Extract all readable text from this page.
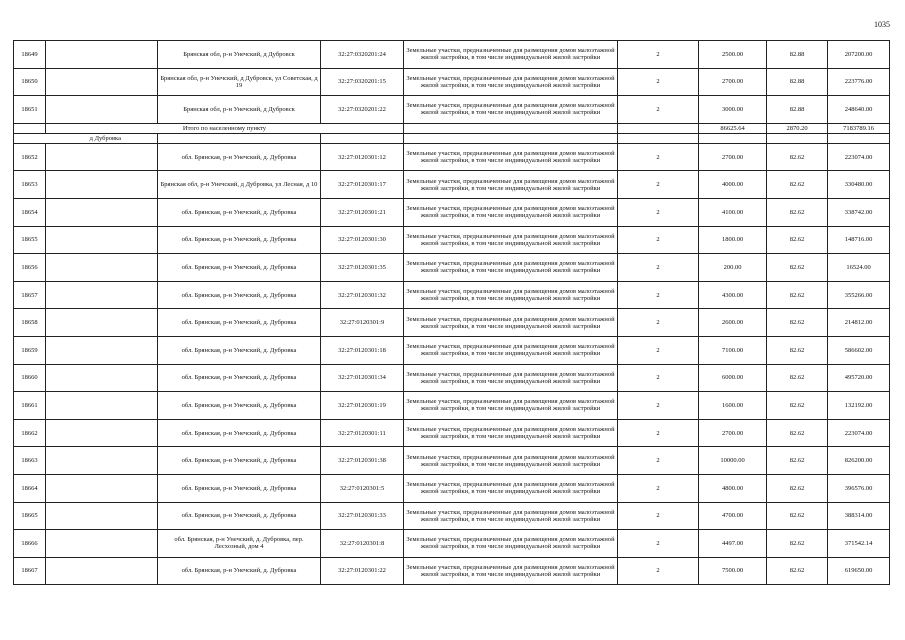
1035
18649		Брянская обл, р-н Унечский, д Дубровск	32:27:0320201:24	Земельные участки, предназначенные для размещения домов малоэтажной жилой застройки, в том числе индивидуальной жилой застройки	2	2500.00	82.88	207200.00
18650		Брянская обл, р-н Унечский, д Дубровск, ул Советская, д 19	32:27:0320201:15	Земельные участки, предназначенные для размещения домов малоэтажной жилой застройки, в том числе индивидуальной жилой застройки	2	2700.00	82.88	223776.00
18651		Брянская обл, р-н Унечский, д Дубровск	32:27:0320201:22	Земельные участки, предназначенные для размещения домов малоэтажной жилой застройки, в том числе индивидуальной жилой застройки	2	3000.00	82.88	248640.00
	Итого по населенному пункту					86625.64	2870.20	7183789.16
д Дубровка								
18652		обл. Брянская, р-н Унечский, д. Дубровка	32:27:0120301:12	Земельные участки, предназначенные для размещения домов малоэтажной жилой застройки, в том числе индивидуальной жилой застройки	2	2700.00	82.62	223074.00
18653		Брянская обл, р-н Унечский, д Дубровка, ул Лесная, д 10	32:27:0120301:17	Земельные участки, предназначенные для размещения домов малоэтажной жилой застройки, в том числе индивидуальной жилой застройки	2	4000.00	82.62	330480.00
18654		обл. Брянская, р-н Унечский, д. Дубровка	32:27:0120301:21	Земельные участки, предназначенные для размещения домов малоэтажной жилой застройки, в том числе индивидуальной жилой застройки	2	4100.00	82.62	338742.00
18655		обл. Брянская, р-н Унечский, д. Дубровка	32:27:0120301:30	Земельные участки, предназначенные для размещения домов малоэтажной жилой застройки, в том числе индивидуальной жилой застройки	2	1800.00	82.62	148716.00
18656		обл. Брянская, р-н Унечский, д. Дубровка	32:27:0120301:35	Земельные участки, предназначенные для размещения домов малоэтажной жилой застройки, в том числе индивидуальной жилой застройки	2	200.00	82.62	16524.00
18657		обл. Брянская, р-н Унечский, д. Дубровка	32:27:0120301:32	Земельные участки, предназначенные для размещения домов малоэтажной жилой застройки, в том числе индивидуальной жилой застройки	2	4300.00	82.62	355266.00
18658		обл. Брянская, р-н Унечский, д. Дубровка	32:27:0120301:9	Земельные участки, предназначенные для размещения домов малоэтажной жилой застройки, в том числе индивидуальной жилой застройки	2	2600.00	82.62	214812.00
18659		обл. Брянская, р-н Унечский, д. Дубровка	32:27:0120301:18	Земельные участки, предназначенные для размещения домов малоэтажной жилой застройки, в том числе индивидуальной жилой застройки	2	7100.00	82.62	586602.00
18660		обл. Брянская, р-н Унечский, д. Дубровка	32:27:0120301:34	Земельные участки, предназначенные для размещения домов малоэтажной жилой застройки, в том числе индивидуальной жилой застройки	2	6000.00	82.62	495720.00
18661		обл. Брянская, р-н Унечский, д. Дубровка	32:27:0120301:19	Земельные участки, предназначенные для размещения домов малоэтажной жилой застройки, в том числе индивидуальной жилой застройки	2	1600.00	82.62	132192.00
18662		обл. Брянская, р-н Унечский, д. Дубровка	32:27:0120301:11	Земельные участки, предназначенные для размещения домов малоэтажной жилой застройки, в том числе индивидуальной жилой застройки	2	2700.00	82.62	223074.00
18663		обл. Брянская, р-н Унечский, д. Дубровка	32:27:0120301:38	Земельные участки, предназначенные для размещения домов малоэтажной жилой застройки, в том числе индивидуальной жилой застройки	2	10000.00	82.62	826200.00
18664		обл. Брянская, р-н Унечский, д. Дубровка	32:27:0120301:5	Земельные участки, предназначенные для размещения домов малоэтажной жилой застройки, в том числе индивидуальной жилой застройки	2	4800.00	82.62	396576.00
18665		обл. Брянская, р-н Унечский, д. Дубровка	32:27:0120301:33	Земельные участки, предназначенные для размещения домов малоэтажной жилой застройки, в том числе индивидуальной жилой застройки	2	4700.00	82.62	388314.00
18666		обл. Брянская, р-н Унечский, д. Дубровка, пер. Лесхозный, дом 4	32:27:0120301:8	Земельные участки, предназначенные для размещения домов малоэтажной жилой застройки, в том числе индивидуальной жилой застройки	2	4497.00	82.62	371542.14
18667		обл. Брянская, р-н Унечский, д. Дубровка	32:27:0120301:22	Земельные участки, предназначенные для размещения домов малоэтажной жилой застройки, в том числе индивидуальной жилой застройки	2	7500.00	82.62	619650.00
